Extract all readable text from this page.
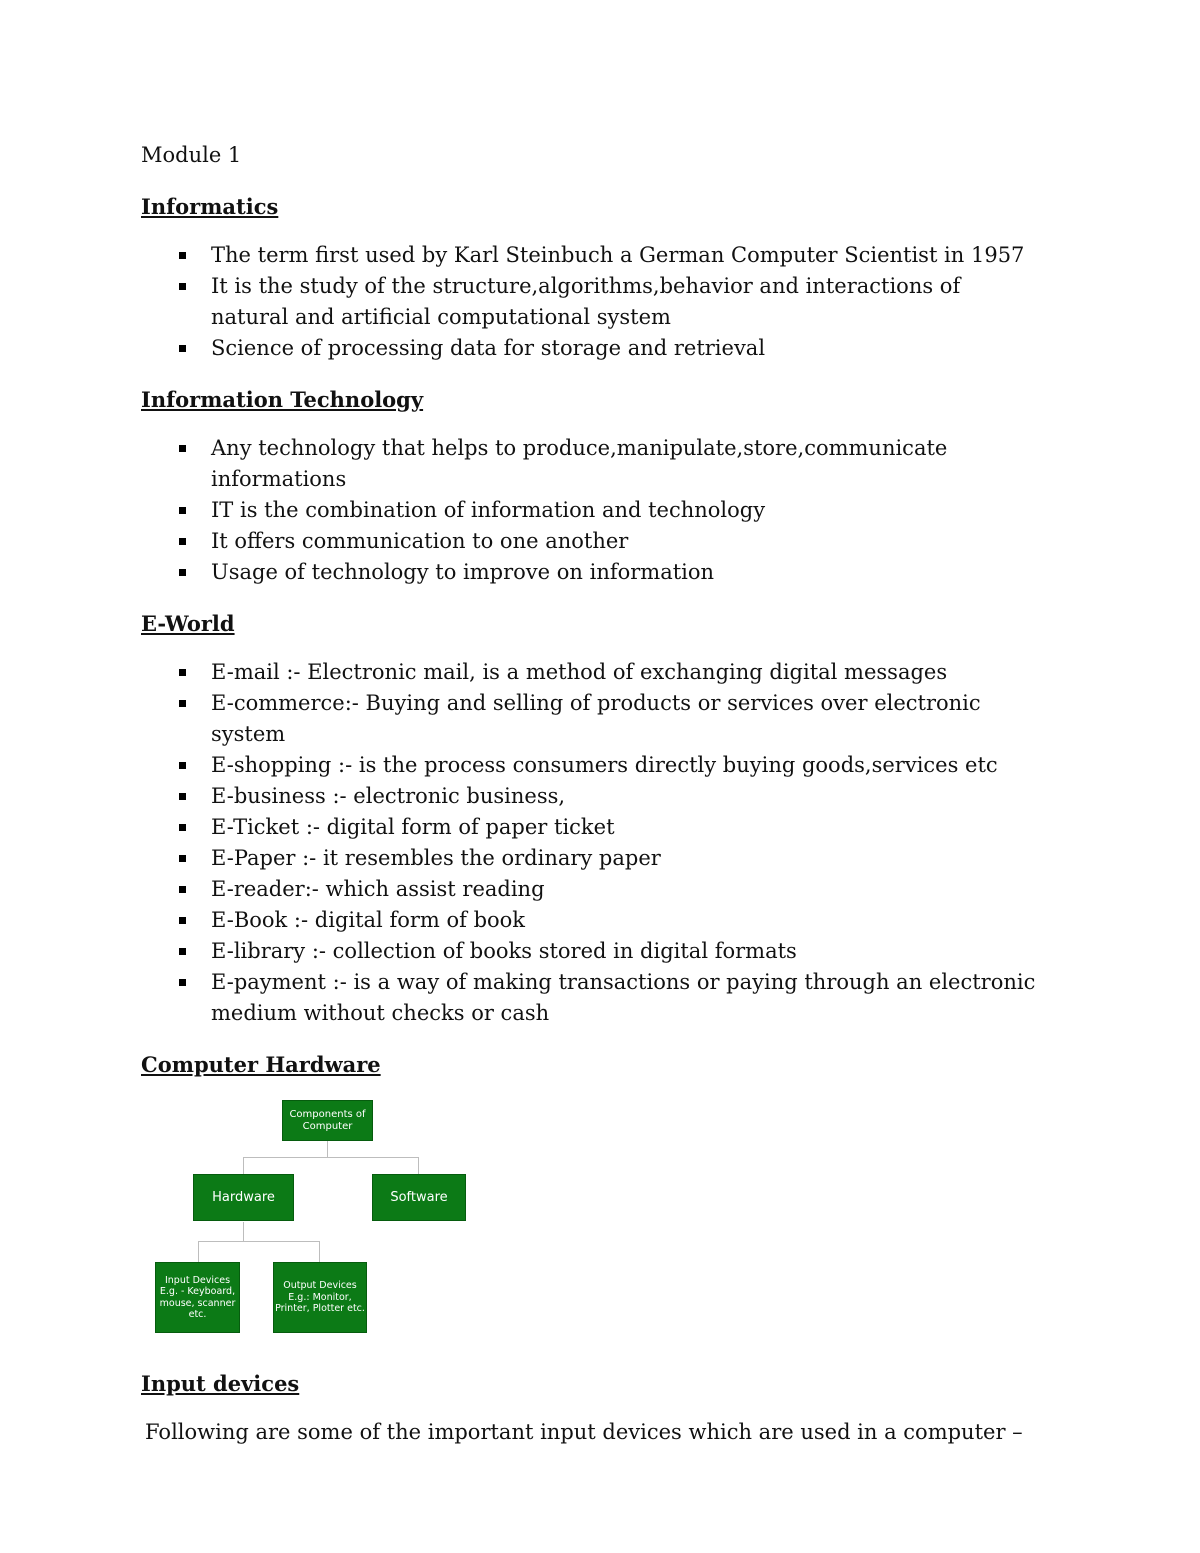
Module 1
Informatics
The term first used by Karl Steinbuch a German Computer Scientist in 1957
It is the study of the structure,algorithms,behavior and interactions of natural and artificial computational system
Science of processing data for storage and retrieval
Information Technology
Any technology that helps to produce,manipulate,store,communicate informations
IT is the combination of information and technology
It offers communication to one another
Usage of technology to improve on information
E-World
E-mail :- Electronic mail, is a method of exchanging digital messages
E-commerce:- Buying and selling of products or services over electronic system
E-shopping :- is the process consumers directly buying goods,services etc
E-business :- electronic business,
E-Ticket :- digital form of paper ticket
E-Paper :- it resembles the ordinary paper
E-reader:- which assist reading
E-Book :- digital form of book
E-library :- collection of books stored in digital formats
E-payment :- is a way of making transactions or paying through an electronic medium without checks or cash
Computer Hardware
Components of
Computer
Hardware	Software
Input Devices
E.g. - Keyboard,
mouse, scanner
etc.
Output Devices
E.g.: Monitor,
Printer, Plotter etc.
Input devices

Following are some of the important input devices which are used in a computer –
